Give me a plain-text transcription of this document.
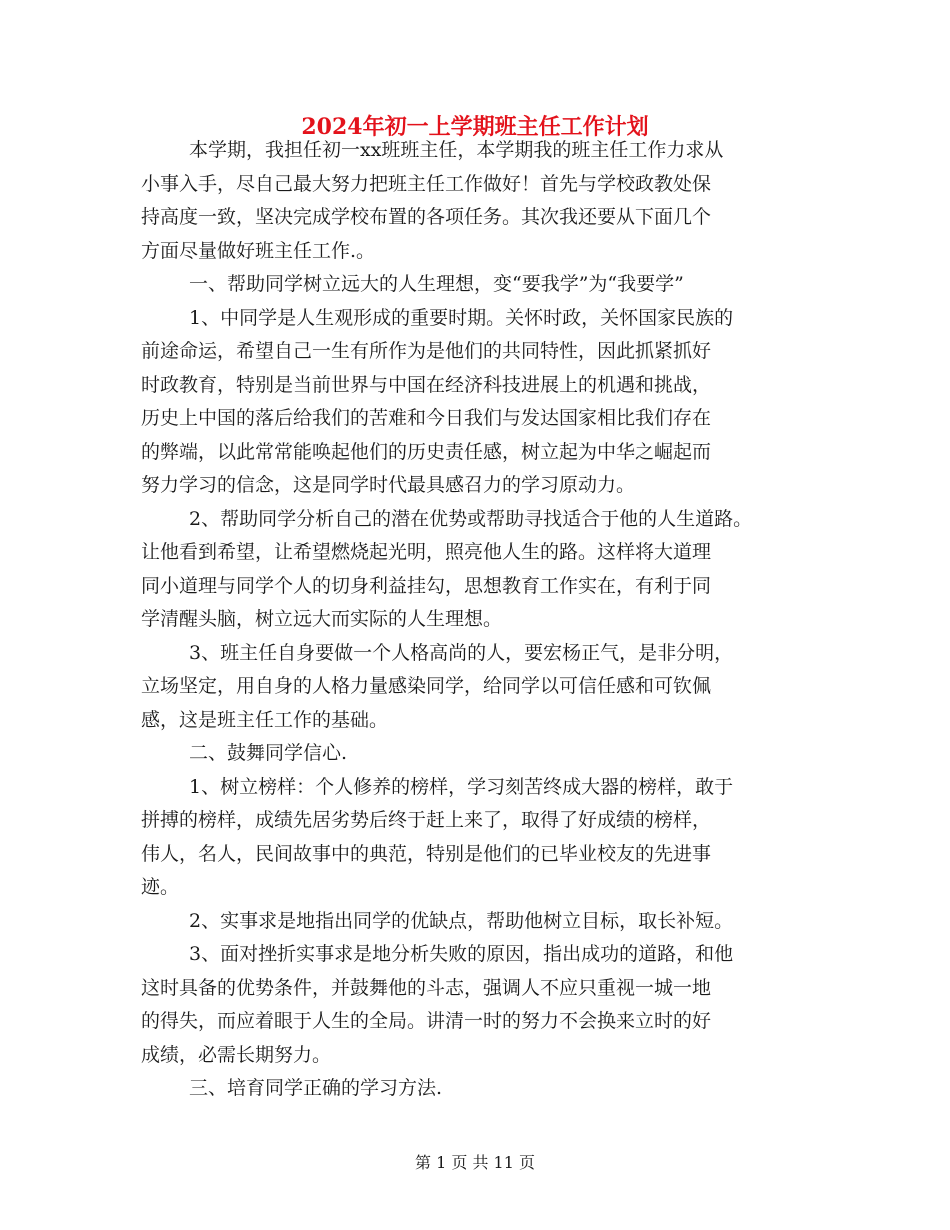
2024年初一上学期班主任工作计划
本学期，我担任初一xx班班主任，本学期我的班主任工作力求从
小事入手，尽自己最大努力把班主任工作做好！首先与学校政教处保
持高度一致，坚决完成学校布置的各项任务。其次我还要从下面几个
方面尽量做好班主任工作.。
一、帮助同学树立远大的人生理想，变“要我学”为“我要学”
1、中同学是人生观形成的重要时期。关怀时政，关怀国家民族的
前途命运，希望自己一生有所作为是他们的共同特性，因此抓紧抓好
时政教育，特别是当前世界与中国在经济科技进展上的机遇和挑战，
历史上中国的落后给我们的苦难和今日我们与发达国家相比我们存在
的弊端，以此常常能唤起他们的历史责任感，树立起为中华之崛起而
努力学习的信念，这是同学时代最具感召力的学习原动力。
2、帮助同学分析自己的潜在优势或帮助寻找适合于他的人生道路。
让他看到希望，让希望燃烧起光明，照亮他人生的路。这样将大道理
同小道理与同学个人的切身利益挂勾，思想教育工作实在，有利于同
学清醒头脑，树立远大而实际的人生理想。
3、班主任自身要做一个人格高尚的人，要宏杨正气，是非分明，
立场坚定，用自身的人格力量感染同学，给同学以可信任感和可钦佩
感，这是班主任工作的基础。
二、鼓舞同学信心.
1、树立榜样：个人修养的榜样，学习刻苦终成大器的榜样，敢于
拼搏的榜样，成绩先居劣势后终于赶上来了，取得了好成绩的榜样，
伟人，名人，民间故事中的典范，特别是他们的已毕业校友的先进事
迹。
2、实事求是地指出同学的优缺点，帮助他树立目标，取长补短。
3、面对挫折实事求是地分析失败的原因，指出成功的道路，和他
这时具备的优势条件，并鼓舞他的斗志，强调人不应只重视一城一地
的得失，而应着眼于人生的全局。讲清一时的努力不会换来立时的好
成绩，必需长期努力。
三、培育同学正确的学习方法.
第 1 页 共 11 页
